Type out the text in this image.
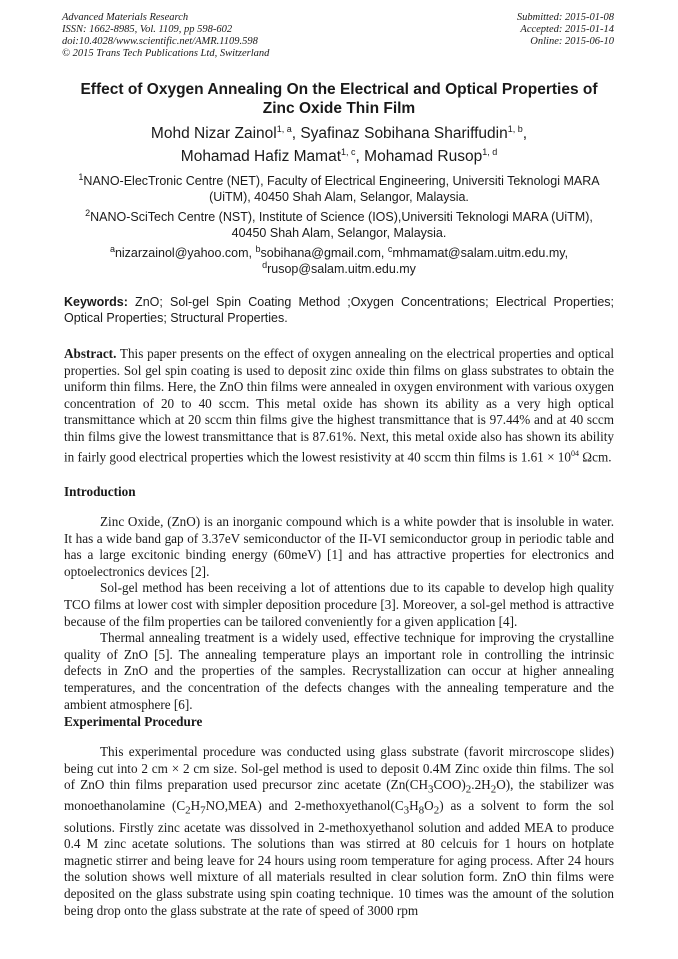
Advanced Materials Research
ISSN: 1662-8985, Vol. 1109, pp 598-602
doi:10.4028/www.scientific.net/AMR.1109.598
© 2015 Trans Tech Publications Ltd, Switzerland
Submitted: 2015-01-08
Accepted: 2015-01-14
Online: 2015-06-10
Effect of Oxygen Annealing On the Electrical and Optical Properties of
Zinc Oxide Thin Film
Mohd Nizar Zainol$^{1, a}$, Syafinaz Sobihana Shariffudin$^{1, b}$,
Mohamad Hafiz Mamat$^{1, c}$, Mohamad Rusop$^{1, d}$
$^1$NANO-ElecTronic Centre (NET), Faculty of Electrical Engineering, Universiti Teknologi MARA
(UiTM), 40450 Shah Alam, Selangor, Malaysia.
$^2$NANO-SciTech Centre (NST), Institute of Science (IOS),Universiti Teknologi MARA (UiTM),
40450 Shah Alam, Selangor, Malaysia.
$^a$nizarzainol@yahoo.com, $^b$sobihana@gmail.com, $^c$mhmamat@salam.uitm.edu.my,
$^d$rusop@salam.uitm.edu.my
Keywords: ZnO; Sol-gel Spin Coating Method ;Oxygen Concentrations; Electrical Properties; Optical Properties; Structural Properties.
Abstract. This paper presents on the effect of oxygen annealing on the electrical properties and optical properties. Sol gel spin coating is used to deposit zinc oxide thin films on glass substrates to obtain the uniform thin films. Here, the ZnO thin films were annealed in oxygen environment with various oxygen concentration of 20 to 40 sccm. This metal oxide has shown its ability as a very high optical transmittance which at 20 sccm thin films give the highest transmittance that is 97.44% and at 40 sccm thin films give the lowest transmittance that is 87.61%. Next, this metal oxide also has shown its ability in fairly good electrical properties which the lowest resistivity at 40 sccm thin films is $1.61 \times 10^{04}$ Ωcm.
Introduction

Zinc Oxide, (ZnO) is an inorganic compound which is a white powder that is insoluble in water. It has a wide band gap of 3.37eV semiconductor of the II-VI semiconductor group in periodic table and has a large excitonic binding energy (60meV) [1] and has attractive properties for electronics and optoelectronics devices [2].

Sol-gel method has been receiving a lot of attentions due to its capable to develop high quality TCO films at lower cost with simpler deposition procedure [3]. Moreover, a sol-gel method is attractive because of the film properties can be tailored conveniently for a given application [4].

Thermal annealing treatment is a widely used, effective technique for improving the crystalline quality of ZnO [5]. The annealing temperature plays an important role in controlling the intrinsic defects in ZnO and the properties of the samples. Recrystallization can occur at higher annealing temperatures, and the concentration of the defects changes with the annealing temperature and the ambient atmosphere [6].

Experimental Procedure

This experimental procedure was conducted using glass substrate (favorit mircroscope slides) being cut into 2 cm × 2 cm size. Sol-gel method is used to deposit 0.4M Zinc oxide thin films. The sol of ZnO thin films preparation used precursor zinc acetate $(Zn(CH_3COO)_2.2H_2O)$, the stabilizer was monoethanolamine $(C_2H_7NO,MEA)$ and $2-methoxyethanol(C_3H_8O_2)$ as a solvent to form the sol solutions. Firstly zinc acetate was dissolved in 2-methoxyethanol solution and added MEA to produce 0.4 M zinc acetate solutions. The solutions than was stirred at 80 celcuis for 1 hours on hotplate magnetic stirrer and being leave for 24 hours using room temperature for aging process. After 24 hours the solution shows well mixture of all materials resulted in clear solution form. ZnO thin films were deposited on the glass substrate using spin coating technique. 10 times was the amount of the solution being drop onto the glass substrate at the rate of speed of 3000 rpm
